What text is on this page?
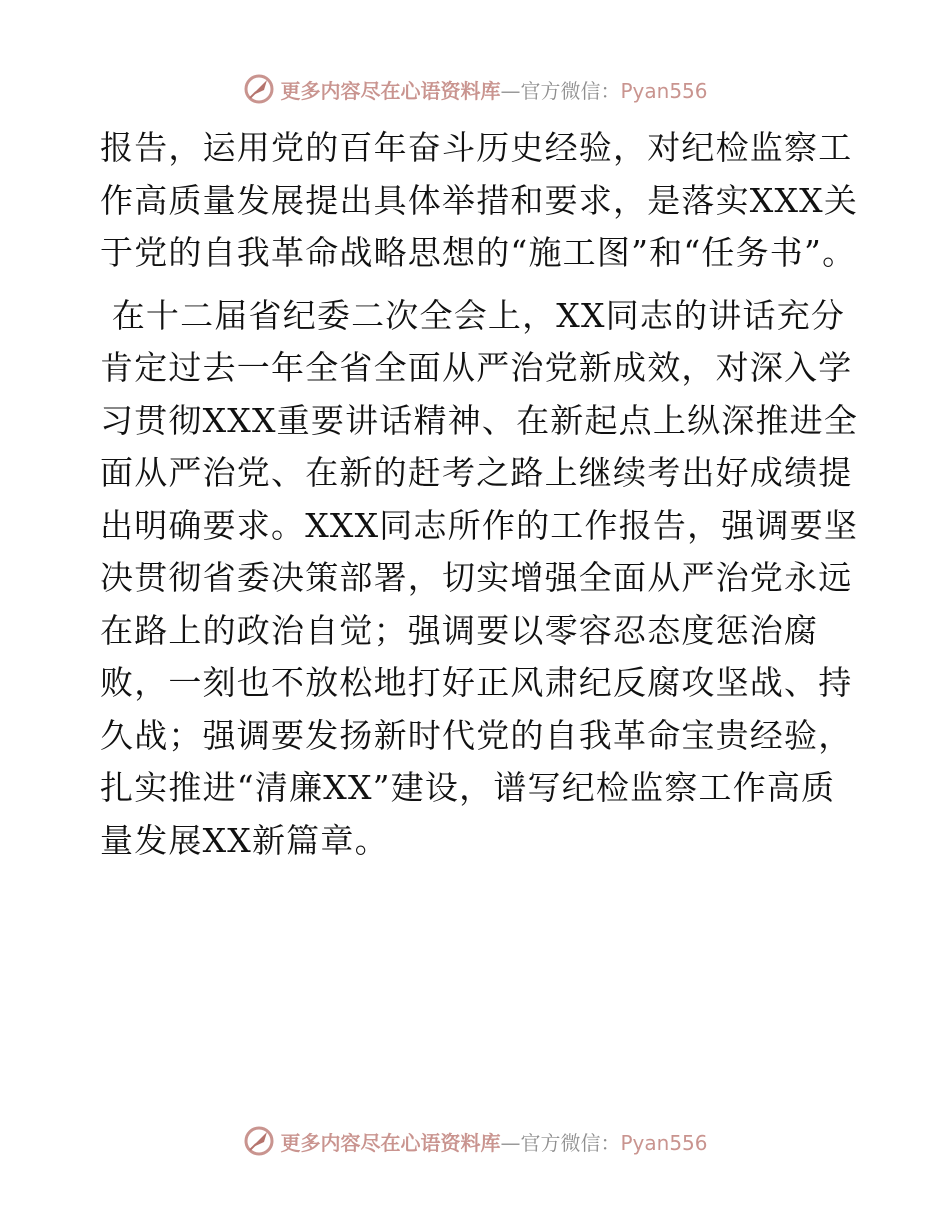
更多内容尽在心语资料库—官方微信：Pyan556

报告，运用党的百年奋斗历史经验，对纪检监察工作高质量发展提出具体举措和要求，是落实XXX关于党的自我革命战略思想的“施工图”和“任务书”。

在十二届省纪委二次全会上，XX同志的讲话充分肯定过去一年全省全面从严治党新成效，对深入学习贯彻XXX重要讲话精神、在新起点上纵深推进全面从严治党、在新的赶考之路上继续考出好成绩提出明确要求。XXX同志所作的工作报告，强调要坚决贯彻省委决策部署，切实增强全面从严治党永远在路上的政治自觉；强调要以零容忍态度惩治腐败，一刻也不放松地打好正风肃纪反腐攻坚战、持久战；强调要发扬新时代党的自我革命宝贵经验，扎实推进“清廉XX”建设，谱写纪检监察工作高质量发展XX新篇章。

更多内容尽在心语资料库—官方微信：Pyan556
